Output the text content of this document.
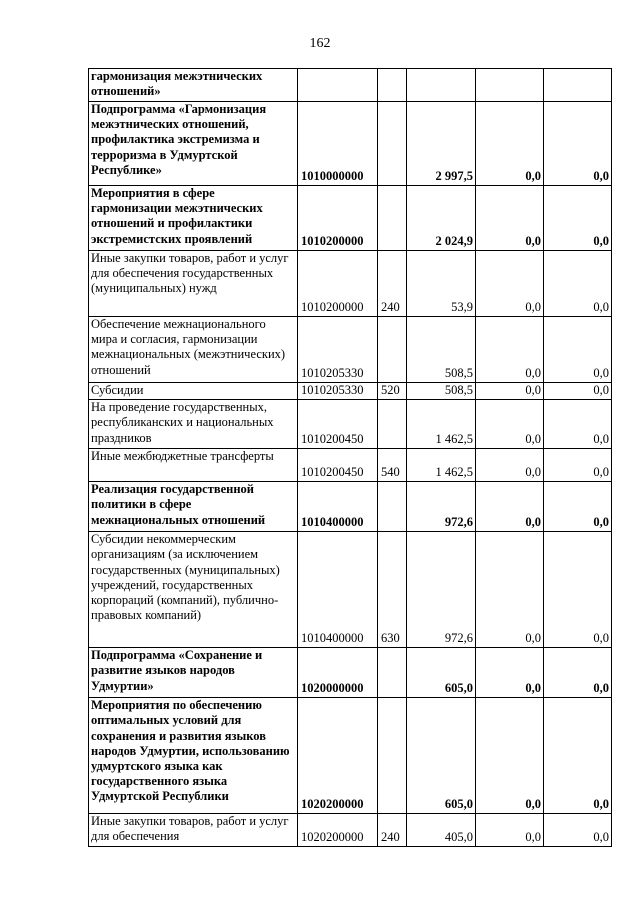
162
гармонизация межэтнических отношений»					
Подпрограмма «Гармонизация межэтнических отношений, профилактика экстремизма и терроризма в Удмуртской Республике»	1010000000		2 997,5	0,0	0,0
Мероприятия в сфере гармонизации межэтнических отношений и профилактики экстремистских проявлений	1010200000		2 024,9	0,0	0,0
Иные закупки товаров, работ и услуг для обеспечения государственных (муниципальных) нужд	1010200000	240	53,9	0,0	0,0
Обеспечение межнационального мира и согласия, гармонизации межнациональных (межэтнических) отношений	1010205330		508,5	0,0	0,0
Субсидии	1010205330	520	508,5	0,0	0,0
На проведение государственных, республиканских и национальных праздников	1010200450		1 462,5	0,0	0,0
Иные межбюджетные трансферты	1010200450	540	1 462,5	0,0	0,0
Реализация государственной политики в сфере межнациональных отношений	1010400000		972,6	0,0	0,0
Субсидии некоммерческим организациям (за исключением государственных (муниципальных) учреждений, государственных корпораций (компаний), публично-правовых компаний)	1010400000	630	972,6	0,0	0,0
Подпрограмма «Сохранение и развитие языков народов Удмуртии»	1020000000		605,0	0,0	0,0
Мероприятия по обеспечению оптимальных условий для сохранения и развития языков народов Удмуртии, использованию удмуртского языка как государственного языка Удмуртской Республики	1020200000		605,0	0,0	0,0
Иные закупки товаров, работ и услуг для обеспечения	1020200000	240	405,0	0,0	0,0
